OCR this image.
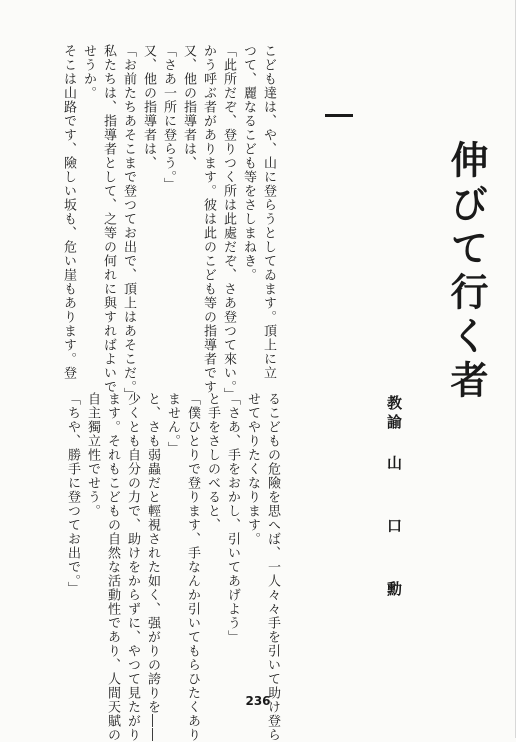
伸びて行く者
教諭
山口勳
こども達は、や、山に登らうとしてゐます。頂上に立
つて、麗なるこども等をさしまねき。
「此所だぞ、登りつく所は此處だぞ、さあ登つて來い。」
かう呼ぶ者があります。彼は此のこども等の指導者です
又、他の指導者は、
「さあ一所に登らう。」
又、他の指導者は、
「お前たちあそこまで登つてお出で、頂上はあそこだ。」
私たちは、指導者として、之等の何れに與すればよいで
せうか。
そこは山路です、險しい坂も、危い崖もあります。登
るこどもの危險を思へば、一人々々手を引いて助け登ら
せてやりたくなります。
「さあ、手をおかし、引いてあげよう」
と手をさしのべると、
「僕ひとりで登ります、手なんか引いてもらひたくあり
ません。」
と、さも弱蟲だと輕視された如く、强がりの誇りを――
少くとも自分の力で、助けをからずに、やつて見たがり
ます。それもこどもの自然な活動性であり、人間天賦の
自主獨立性でせう。
「ちや、勝手に登つてお出で。」
236
